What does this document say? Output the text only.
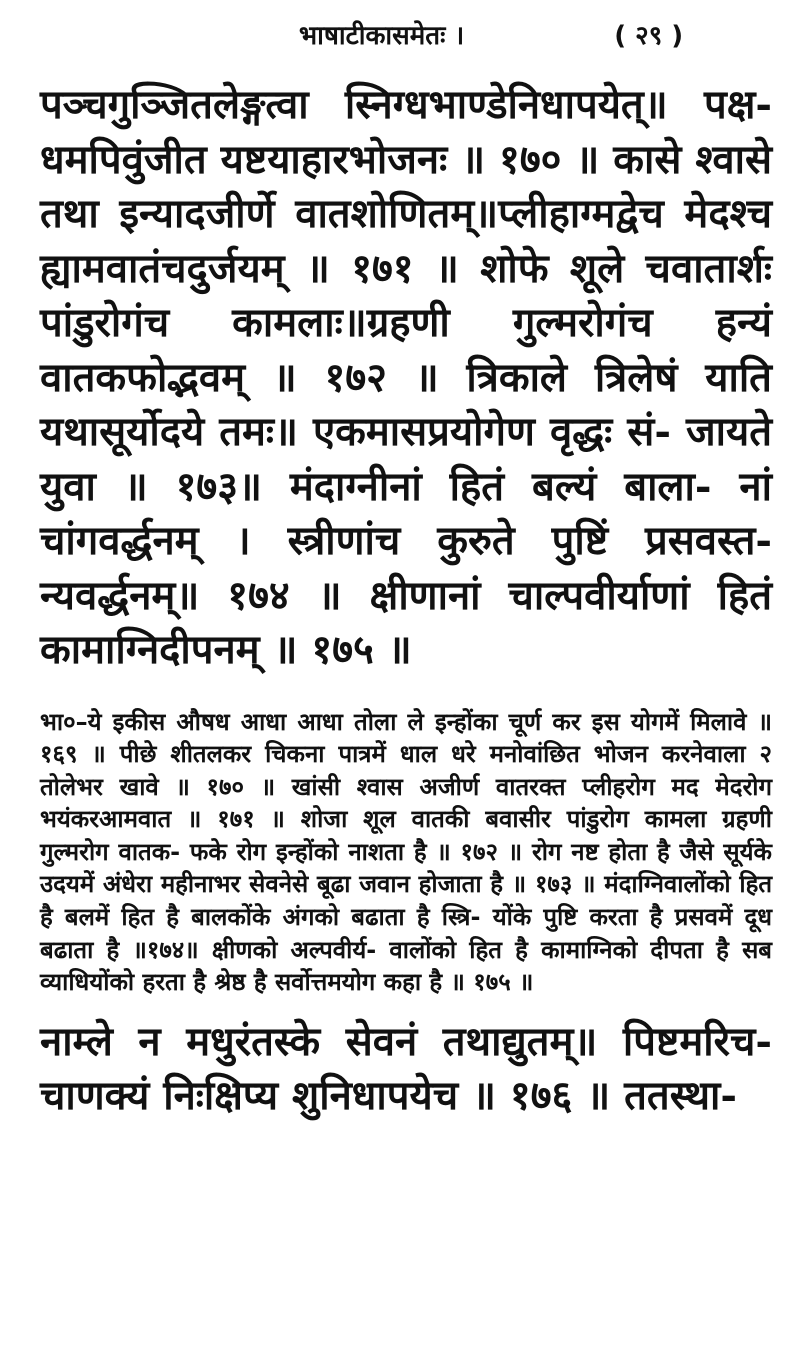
भाषाटीकासमेतः ।	( २९ )

पञ्चगुञ्जितलेङ्गत्वा स्निग्धभाण्डेनिधापयेत्॥ पक्ष- धमपिवुंजीत यष्टयाहारभोजनः ॥ १७० ॥ कासे श्वासे तथा इन्यादजीर्णे वातशोणितम्॥प्लीहाग्मद्वेच मेदश्च ह्यामवातंचदुर्जयम् ॥ १७१ ॥ शोफे शूले चवातार्शः पांडुरोगंच कामलाः॥ग्रहणी गुल्मरोगंच हन्यं वातकफोद्भवम् ॥ १७२ ॥ त्रिकाले त्रिलेषं याति यथासूर्योदये तमः॥ एकमासप्रयोगेण वृद्धः सं- जायते युवा ॥ १७३॥ मंदाग्नीनां हितं बल्यं बाला- नां चांगवर्द्धनम् । स्त्रीणांच कुरुते पुष्टिं प्रसवस्त- न्यवर्द्धनम्॥ १७४ ॥ क्षीणानां चाल्पवीर्याणां हितं कामाग्निदीपनम् ॥ १७५ ॥

भा०–ये इकीस औषध आधा आधा तोला ले इन्होंका चूर्ण कर इस योगमें मिलावे ॥ १६९ ॥ पीछे शीतलकर चिकना पात्रमें धाल धरे मनोवांछित भोजन करनेवाला २ तोलेभर खावे ॥ १७० ॥ खांसी श्वास अजीर्ण वातरक्त प्लीहरोग मद मेदरोग भयंकरआमवात ॥ १७१ ॥ शोजा शूल वातकी बवासीर पांडुरोग कामला ग्रहणी गुल्मरोग वातक- फके रोग इन्होंको नाशता है ॥ १७२ ॥ रोग नष्ट होता है जैसे सूर्यके उदयमें अंधेरा महीनाभर सेवनेसे बूढा जवान होजाता है ॥ १७३ ॥ मंदाग्निवालोंको हित है बलमें हित है बालकोंके अंगको बढाता है स्त्रि- योंके पुष्टि करता है प्रसवमें दूध बढाता है ॥१७४॥ क्षीणको अल्पवीर्य- वालोंको हित है कामाग्निको दीपता है सब व्याधियोंको हरता है श्रेष्ठ है सर्वोत्तमयोग कहा है ॥ १७५ ॥

नाम्ले न मधुरंतस्के सेवनं तथाद्युतम्॥ पिष्टमरिच- चाणक्यं निःक्षिप्य शुनिधापयेच ॥ १७६ ॥ ततस्था-
